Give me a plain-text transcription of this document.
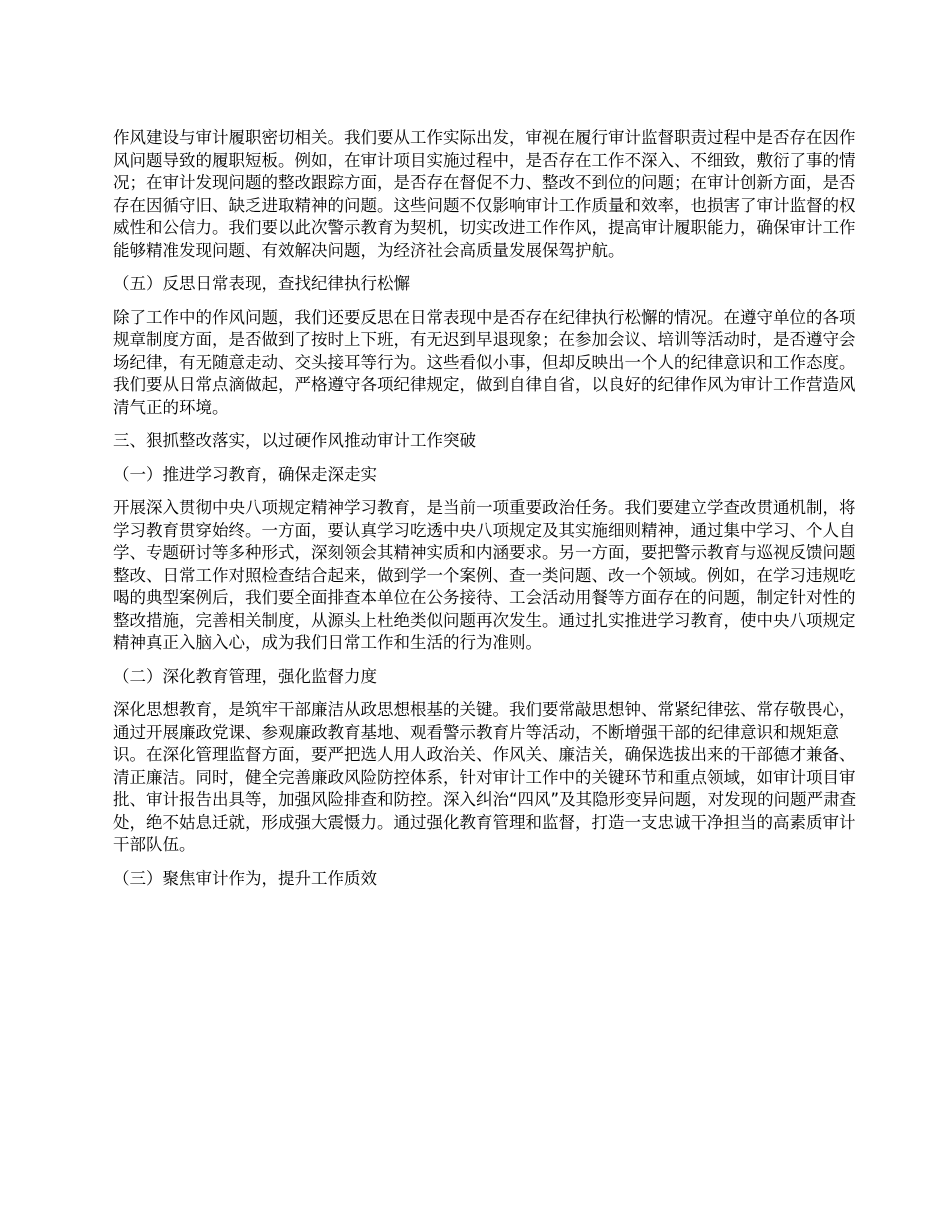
作风建设与审计履职密切相关。我们要从工作实际出发，审视在履行审计监督职责过程中是否存在因作风问题导致的履职短板。例如，在审计项目实施过程中，是否存在工作不深入、不细致，敷衍了事的情况；在审计发现问题的整改跟踪方面，是否存在督促不力、整改不到位的问题；在审计创新方面，是否存在因循守旧、缺乏进取精神的问题。这些问题不仅影响审计工作质量和效率，也损害了审计监督的权威性和公信力。我们要以此次警示教育为契机，切实改进工作作风，提高审计履职能力，确保审计工作能够精准发现问题、有效解决问题，为经济社会高质量发展保驾护航。

（五）反思日常表现，查找纪律执行松懈

除了工作中的作风问题，我们还要反思在日常表现中是否存在纪律执行松懈的情况。在遵守单位的各项规章制度方面，是否做到了按时上下班，有无迟到早退现象；在参加会议、培训等活动时，是否遵守会场纪律，有无随意走动、交头接耳等行为。这些看似小事，但却反映出一个人的纪律意识和工作态度。我们要从日常点滴做起，严格遵守各项纪律规定，做到自律自省，以良好的纪律作风为审计工作营造风清气正的环境。

三、狠抓整改落实，以过硬作风推动审计工作突破

（一）推进学习教育，确保走深走实

开展深入贯彻中央八项规定精神学习教育，是当前一项重要政治任务。我们要建立学查改贯通机制，将学习教育贯穿始终。一方面，要认真学习吃透中央八项规定及其实施细则精神，通过集中学习、个人自学、专题研讨等多种形式，深刻领会其精神实质和内涵要求。另一方面，要把警示教育与巡视反馈问题整改、日常工作对照检查结合起来，做到学一个案例、查一类问题、改一个领域。例如，在学习违规吃喝的典型案例后，我们要全面排查本单位在公务接待、工会活动用餐等方面存在的问题，制定针对性的整改措施，完善相关制度，从源头上杜绝类似问题再次发生。通过扎实推进学习教育，使中央八项规定精神真正入脑入心，成为我们日常工作和生活的行为准则。

（二）深化教育管理，强化监督力度

深化思想教育，是筑牢干部廉洁从政思想根基的关键。我们要常敲思想钟、常紧纪律弦、常存敬畏心，通过开展廉政党课、参观廉政教育基地、观看警示教育片等活动，不断增强干部的纪律意识和规矩意识。在深化管理监督方面，要严把选人用人政治关、作风关、廉洁关，确保选拔出来的干部德才兼备、清正廉洁。同时，健全完善廉政风险防控体系，针对审计工作中的关键环节和重点领域，如审计项目审批、审计报告出具等，加强风险排查和防控。深入纠治“四风”及其隐形变异问题，对发现的问题严肃查处，绝不姑息迁就，形成强大震慑力。通过强化教育管理和监督，打造一支忠诚干净担当的高素质审计干部队伍。

（三）聚焦审计作为，提升工作质效
